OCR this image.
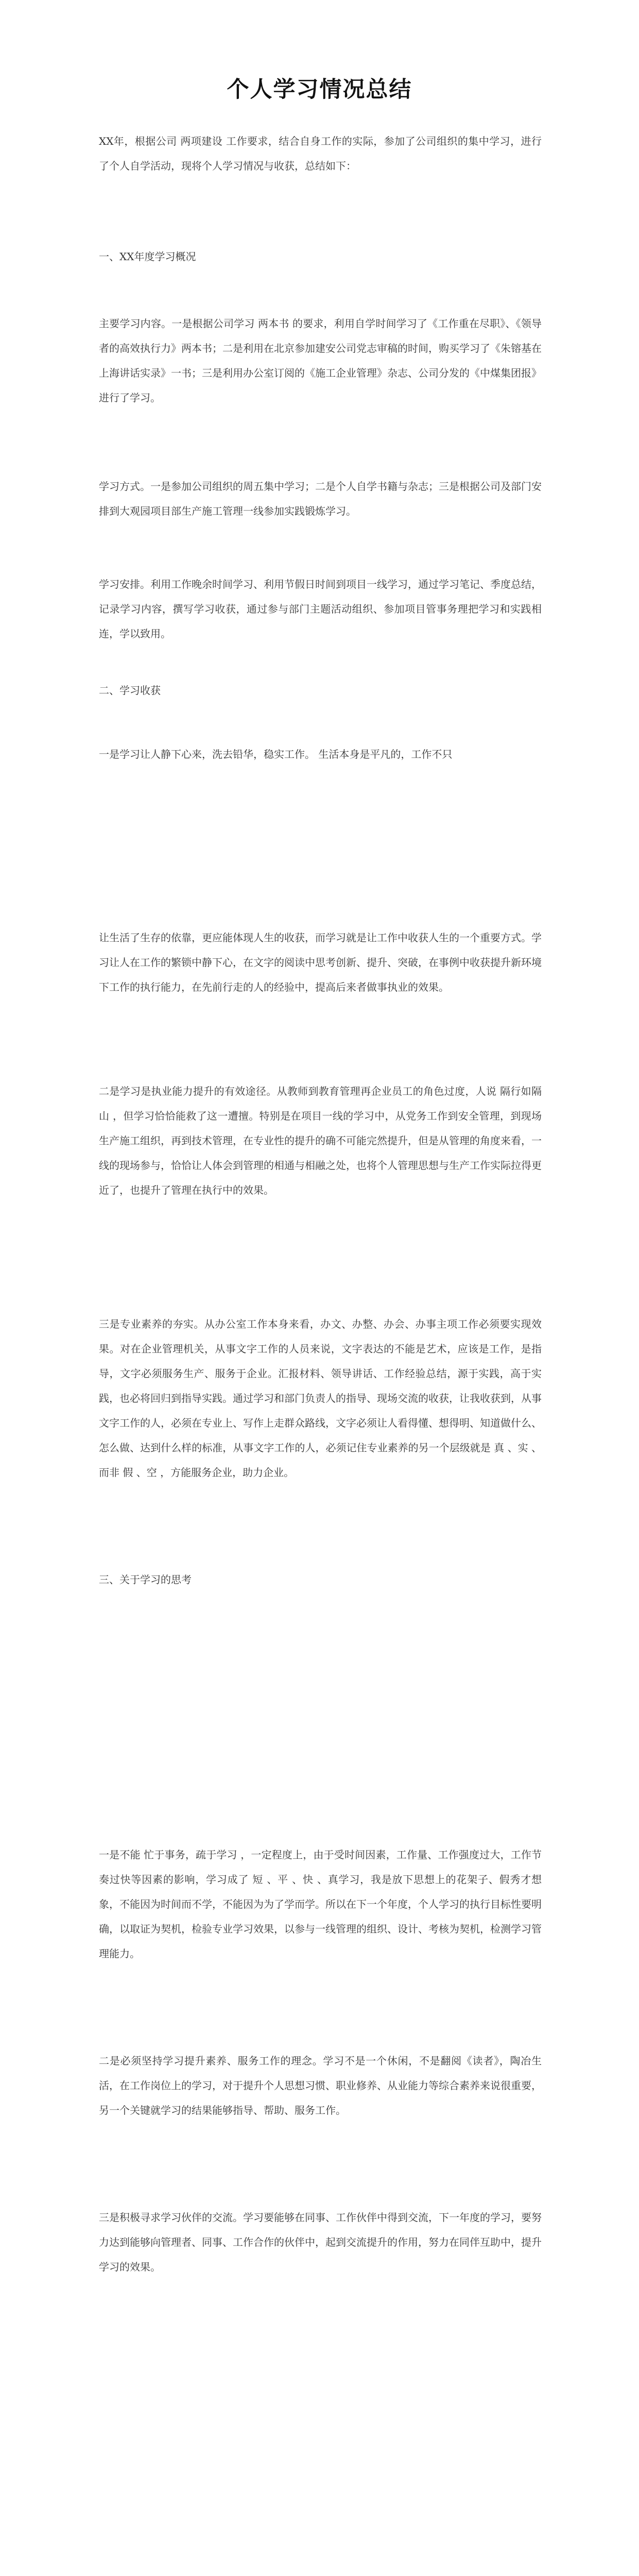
个人学习情况总结

XX年，根据公司 两项建设 工作要求，结合自身工作的实际，参加了公司组织的集中学习，进行了个人自学活动，现将个人学习情况与收获，总结如下：

一、XX年度学习概况

主要学习内容。一是根据公司学习 两本书 的要求，利用自学时间学习了《工作重在尽职》、《领导者的高效执行力》两本书；二是利用在北京参加建安公司党志审稿的时间，购买学习了《朱镕基在上海讲话实录》一书；三是利用办公室订阅的《施工企业管理》杂志、公司分发的《中煤集团报》进行了学习。

学习方式。一是参加公司组织的周五集中学习；二是个人自学书籍与杂志；三是根据公司及部门安排到大观园项目部生产施工管理一线参加实践锻炼学习。

学习安排。利用工作晚余时间学习、利用节假日时间到项目一线学习，通过学习笔记、季度总结，记录学习内容，撰写学习收获，通过参与部门主题活动组织、参加项目管事务理把学习和实践相连，学以致用。

二、学习收获

一是学习让人静下心来，洗去铅华，稳实工作。 生活本身是平凡的，工作不只

让生活了生存的依靠，更应能体现人生的收获，而学习就是让工作中收获人生的一个重要方式。学习让人在工作的繁锁中静下心，在文字的阅读中思考创新、提升、突破，在事例中收获提升新环境下工作的执行能力，在先前行走的人的经验中，提高后来者做事执业的效果。

二是学习是执业能力提升的有效途径。从教师到教育管理再企业员工的角色过度，人说 隔行如隔山 ，但学习恰恰能救了这一遭擅。特别是在项目一线的学习中，从党务工作到安全管理，到现场生产施工组织，再到技术管理，在专业性的提升的确不可能完然提升，但是从管理的角度来看，一线的现场参与，恰恰让人体会到管理的相通与相融之处，也将个人管理思想与生产工作实际拉得更近了，也提升了管理在执行中的效果。

三是专业素养的夯实。从办公室工作本身来看，办文、办整、办会、办事主项工作必须要实现效果。对在企业管理机关，从事文字工作的人员来说，文字表达的不能是艺术，应该是工作，是指导，文字必须服务生产、服务于企业。汇报材料、领导讲话、工作经验总结，源于实践，高于实践，也必将回归到指导实践。通过学习和部门负责人的指导、现场交流的收获，让我收获到，从事文字工作的人，必须在专业上、写作上走群众路线，文字必须让人看得懂、想得明、知道做什么、怎么做、达到什么样的标准，从事文字工作的人，必须记住专业素养的另一个层级就是 真 、实 、而非 假 、空 ，方能服务企业，助力企业。

三、关于学习的思考

一是不能 忙于事务，疏于学习 ，一定程度上，由于受时间因素，工作量、工作强度过大，工作节奏过快等因素的影响，学习成了 短 、平 、快 、真学习，我是放下思想上的花架子、假秀才想象，不能因为时间而不学，不能因为为了学而学。所以在下一个年度，个人学习的执行目标性要明确，以取证为契机，检验专业学习效果，以参与一线管理的组织、设计、考核为契机，检测学习管理能力。

二是必须坚持学习提升素养、服务工作的理念。学习不是一个休闲，不是翻阅《读者》，陶冶生活，在工作岗位上的学习，对于提升个人思想习惯、职业修养、从业能力等综合素养来说很重要，另一个关键就学习的结果能够指导、帮助、服务工作。

三是积极寻求学习伙伴的交流。学习要能够在同事、工作伙伴中得到交流，下一年度的学习，要努力达到能够向管理者、同事、工作合作的伙伴中，起到交流提升的作用，努力在同伴互助中，提升学习的效果。
